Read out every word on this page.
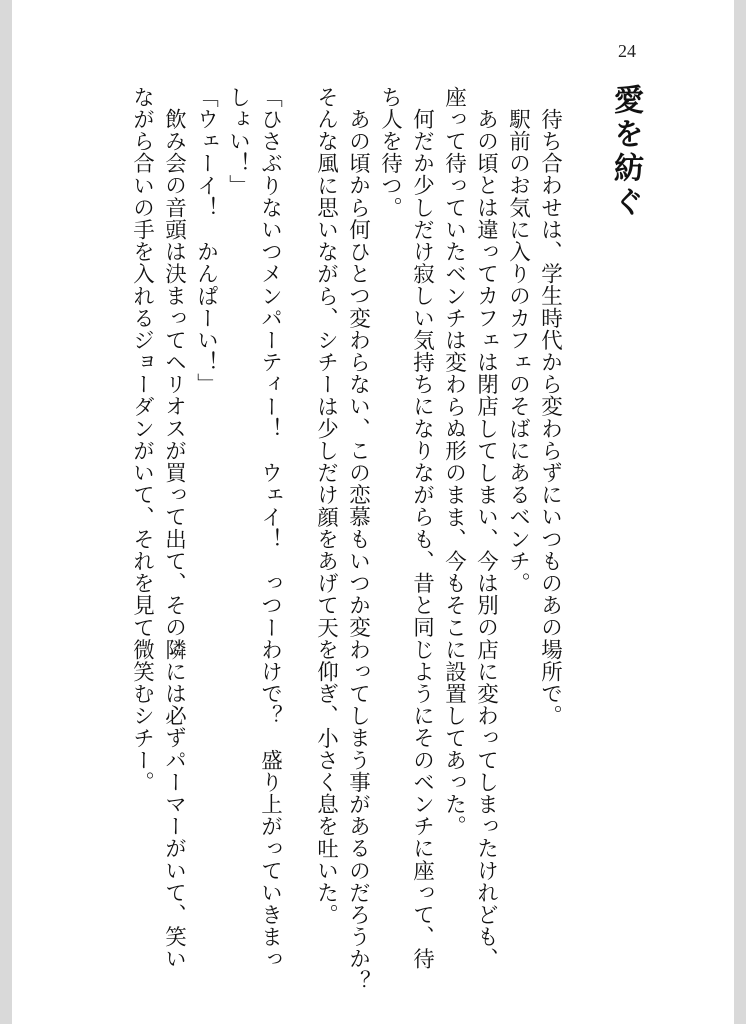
24
愛を紡ぐ
待ち合わせは、学生時代から変わらずにいつものあの場所で。
駅前のお気に入りのカフェのそばにあるベンチ。
あの頃とは違ってカフェは閉店してしまい、今は別の店に変わってしまったけれども、
座って待っていたベンチは変わらぬ形のまま、今もそこに設置してあった。
何だか少しだけ寂しい気持ちになりながらも、昔と同じようにそのベンチに座って、待
ち人を待つ。
あの頃から何ひとつ変わらない、この恋慕もいつか変わってしまう事があるのだろうか？
そんな風に思いながら、シチーは少しだけ顔をあげて天を仰ぎ、小さく息を吐いた。
「ひさぶりないつメンパーティー！　ウェイ！　っつーわけで？　盛り上がっていきまっ
しょい！」
「ウェーイ！　かんぱーい！」
飲み会の音頭は決まってヘリオスが買って出て、その隣には必ずパーマーがいて、笑い
ながら合いの手を入れるジョーダンがいて、それを見て微笑むシチー。
